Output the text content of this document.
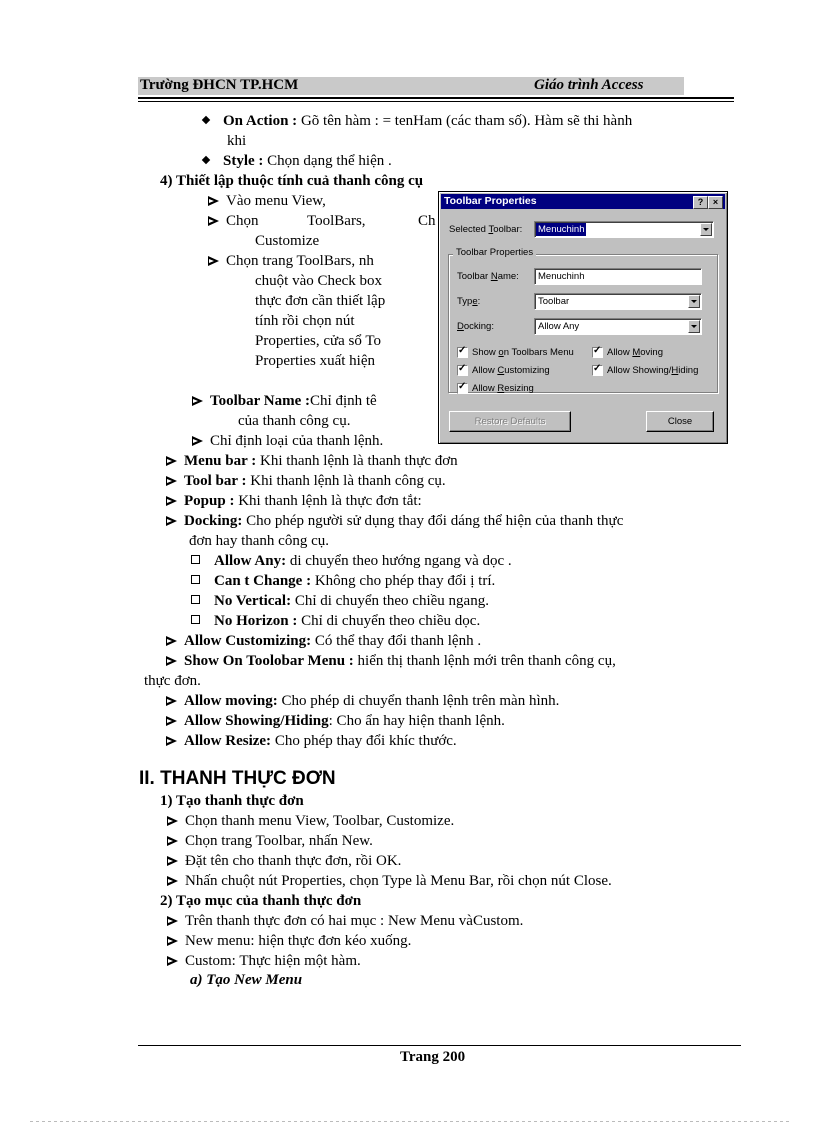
Trường ĐHCN TP.HCM	Giáo trình Access
On Action : Gõ tên hàm : = tenHam (các tham số). Hàm sẽ thi hành
khi
Style : Chọn dạng thể hiện .
4) Thiết lập thuộc tính cuả thanh công cụ
Vào menu View,
Chọn	ToolBars,	Ch
Customize
Chọn trang ToolBars, nh
chuột vào Check box
thực đơn cần thiết lập
tính rồi chọn nút
Properties, cửa sổ To
Properties xuất hiện
Toolbar Name :Chỉ định tê
của thanh công cụ.
Chỉ định loại của thanh lệnh.
Menu bar : Khi thanh lệnh là thanh thực đơn
Tool bar : Khi thanh lệnh là thanh công cụ.
Popup : Khi thanh lệnh là thực đơn tắt:
Docking: Cho phép người sử dụng thay đổi dáng thể hiện của thanh thực
đơn hay thanh công cụ.
Allow Any: di chuyển theo hướng ngang và dọc .
Can t Change : Không cho phép thay đổi ị trí.
No Vertical: Chỉ di chuyển theo chiều ngang.
No Horizon : Chỉ di chuyển theo chiều dọc.
Allow Customizing: Có thể thay đổi thanh lệnh .
Show On Toolobar Menu : hiển thị thanh lệnh mới trên thanh công cụ,
thực đơn.
Allow moving: Cho phép di chuyển thanh lệnh trên màn hình.
Allow Showing/Hiding: Cho ẩn hay hiện thanh lệnh.
Allow Resize: Cho phép thay đổi khíc thước.
II. THANH THỰC ĐƠN
1) Tạo thanh thực đơn
Chọn thanh menu View, Toolbar, Customize.
Chọn trang Toolbar, nhấn New.
Đặt tên cho thanh thực đơn, rồi OK.
Nhấn chuột nút Properties, chọn Type là Menu Bar, rồi chọn nút Close.
2) Tạo mục của thanh thực đơn
Trên thanh thực đơn có hai mục : New Menu vàCustom.
New menu: hiện thực đơn kéo xuống.
Custom: Thực hiện một hàm.
a) Tạo New Menu
Trang 200
Toolbar Properties	?	×
Selected Toolbar: Menuchinh
Toolbar Properties
Toolbar Name: Menuchinh
Type:	Toolbar
Docking:	Allow Any
✓
Show on Toolbars Menu ✓	Allow Moving
✓
Allow Customizing ✓	Allow Showing/Hiding
✓
Allow Resizing
Restore Defaults	Close
